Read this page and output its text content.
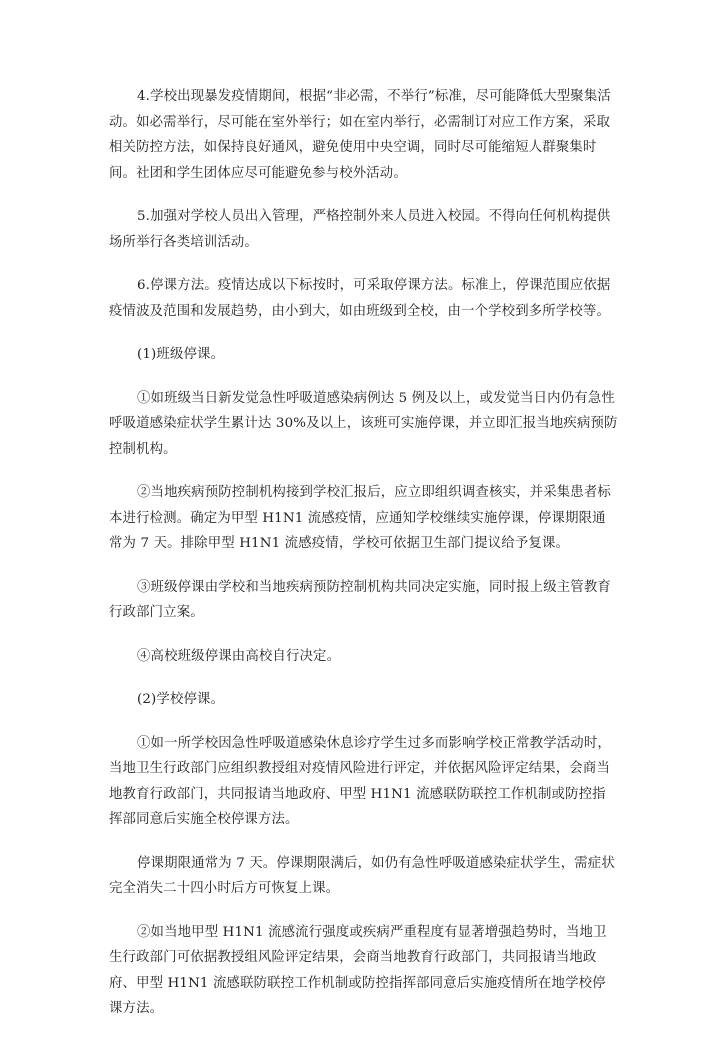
4.学校出现暴发疫情期间，根据“非必需，不举行”标准，尽可能降低大型聚集活动。如必需举行，尽可能在室外举行；如在室内举行，必需制订对应工作方案，采取相关防控方法，如保持良好通风，避免使用中央空调，同时尽可能缩短人群聚集时间。社团和学生团体应尽可能避免参与校外活动。

5.加强对学校人员出入管理，严格控制外来人员进入校园。不得向任何机构提供场所举行各类培训活动。

6.停课方法。疫情达成以下标按时，可采取停课方法。标准上，停课范围应依据疫情波及范围和发展趋势，由小到大，如由班级到全校，由一个学校到多所学校等。

(1)班级停课。

①如班级当日新发觉急性呼吸道感染病例达 5 例及以上，或发觉当日内仍有急性呼吸道感染症状学生累计达 30%及以上，该班可实施停课，并立即汇报当地疾病预防控制机构。

②当地疾病预防控制机构接到学校汇报后，应立即组织调查核实，并采集患者标本进行检测。确定为甲型 H1N1 流感疫情，应通知学校继续实施停课，停课期限通常为 7 天。排除甲型 H1N1 流感疫情，学校可依据卫生部门提议给予复课。

③班级停课由学校和当地疾病预防控制机构共同决定实施，同时报上级主管教育行政部门立案。

④高校班级停课由高校自行决定。

(2)学校停课。

①如一所学校因急性呼吸道感染休息诊疗学生过多而影响学校正常教学活动时，当地卫生行政部门应组织教授组对疫情风险进行评定，并依据风险评定结果，会商当地教育行政部门，共同报请当地政府、甲型 H1N1 流感联防联控工作机制或防控指挥部同意后实施全校停课方法。

停课期限通常为 7 天。停课期限满后，如仍有急性呼吸道感染症状学生，需症状完全消失二十四小时后方可恢复上课。

②如当地甲型 H1N1 流感流行强度或疾病严重程度有显著增强趋势时，当地卫生行政部门可依据教授组风险评定结果，会商当地教育行政部门，共同报请当地政府、甲型 H1N1 流感联防联控工作机制或防控指挥部同意后实施疫情所在地学校停课方法。
